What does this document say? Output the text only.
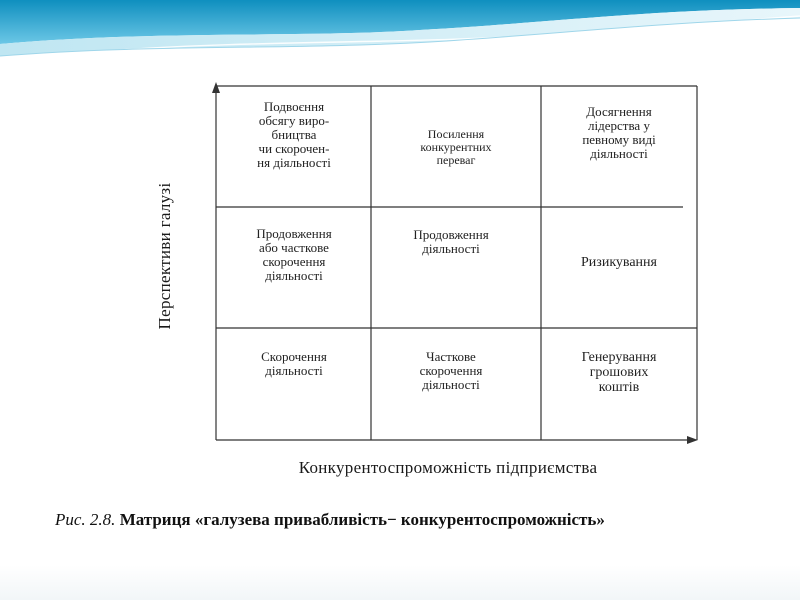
Перспективи галузі
Конкурентоспроможність підприємства
Подвоєння
обсягу виро-
бництва
чи скорочен-
ня діяльності
Посилення
конкурентних
переваг
Досягнення
лідерства у
певному виді
діяльності
Продовження
або часткове
скорочення
діяльності
Продовження
діяльності
Ризикування
Скорочення
діяльності
Часткове
скорочення
діяльності
Генерування
грошових
коштів
Рис. 2.8. Матриця «галузева привабливість− конкурентоспроможність»
